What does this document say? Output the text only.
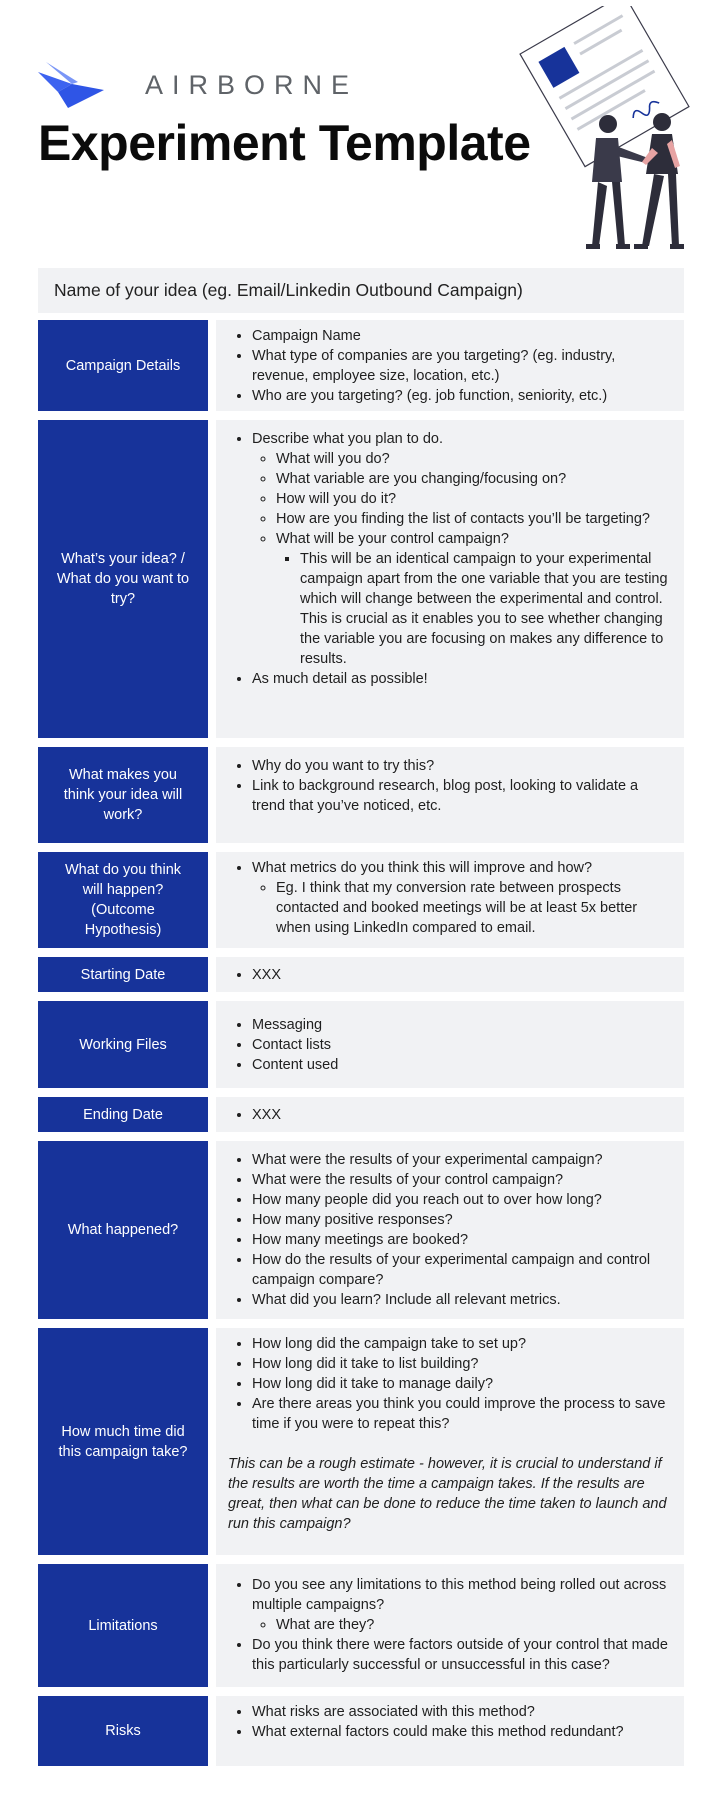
AIRBORNE
Experiment Template
Name of your idea (eg. Email/Linkedin Outbound Campaign)
Campaign Details
• Campaign Name
• What type of companies are you targeting? (eg. industry, revenue, employee size, location, etc.)
• Who are you targeting? (eg. job function, seniority, etc.)
What’s your idea? / What do you want to try?
• Describe what you plan to do.
◦ What will you do?
◦ What variable are you changing/focusing on?
◦ How will you do it?
◦ How are you finding the list of contacts you’ll be targeting?
◦ What will be your control campaign?
▪ This will be an identical campaign to your experimental campaign apart from the one variable that you are testing which will change between the experimental and control. This is crucial as it enables you to see whether changing the variable you are focusing on makes any difference to results.
• As much detail as possible!
What makes you think your idea will work?
• Why do you want to try this?
• Link to background research, blog post, looking to validate a trend that you’ve noticed, etc.
What do you think will happen? (Outcome Hypothesis)
• What metrics do you think this will improve and how?
◦ Eg. I think that my conversion rate between prospects contacted and booked meetings will be at least 5x better when using LinkedIn compared to email.
Starting Date	• XXX
Working Files
• Messaging
• Contact lists
• Content used
Ending Date	• XXX
What happened?
• What were the results of your experimental campaign?
• What were the results of your control campaign?
• How many people did you reach out to over how long?
• How many positive responses?
• How many meetings are booked?
• How do the results of your experimental campaign and control campaign compare?
• What did you learn? Include all relevant metrics.
How much time did this campaign take?
• How long did the campaign take to set up?
• How long did it take to list building?
• How long did it take to manage daily?
• Are there areas you think you could improve the process to save time if you were to repeat this?

This can be a rough estimate - however, it is crucial to understand if the results are worth the time a campaign takes. If the results are great, then what can be done to reduce the time taken to launch and run this campaign?

Limitations
• Do you see any limitations to this method being rolled out across multiple campaigns?
◦ What are they?
• Do you think there were factors outside of your control that made this particularly successful or unsuccessful in this case?
Risks
• What risks are associated with this method?
• What external factors could make this method redundant?
